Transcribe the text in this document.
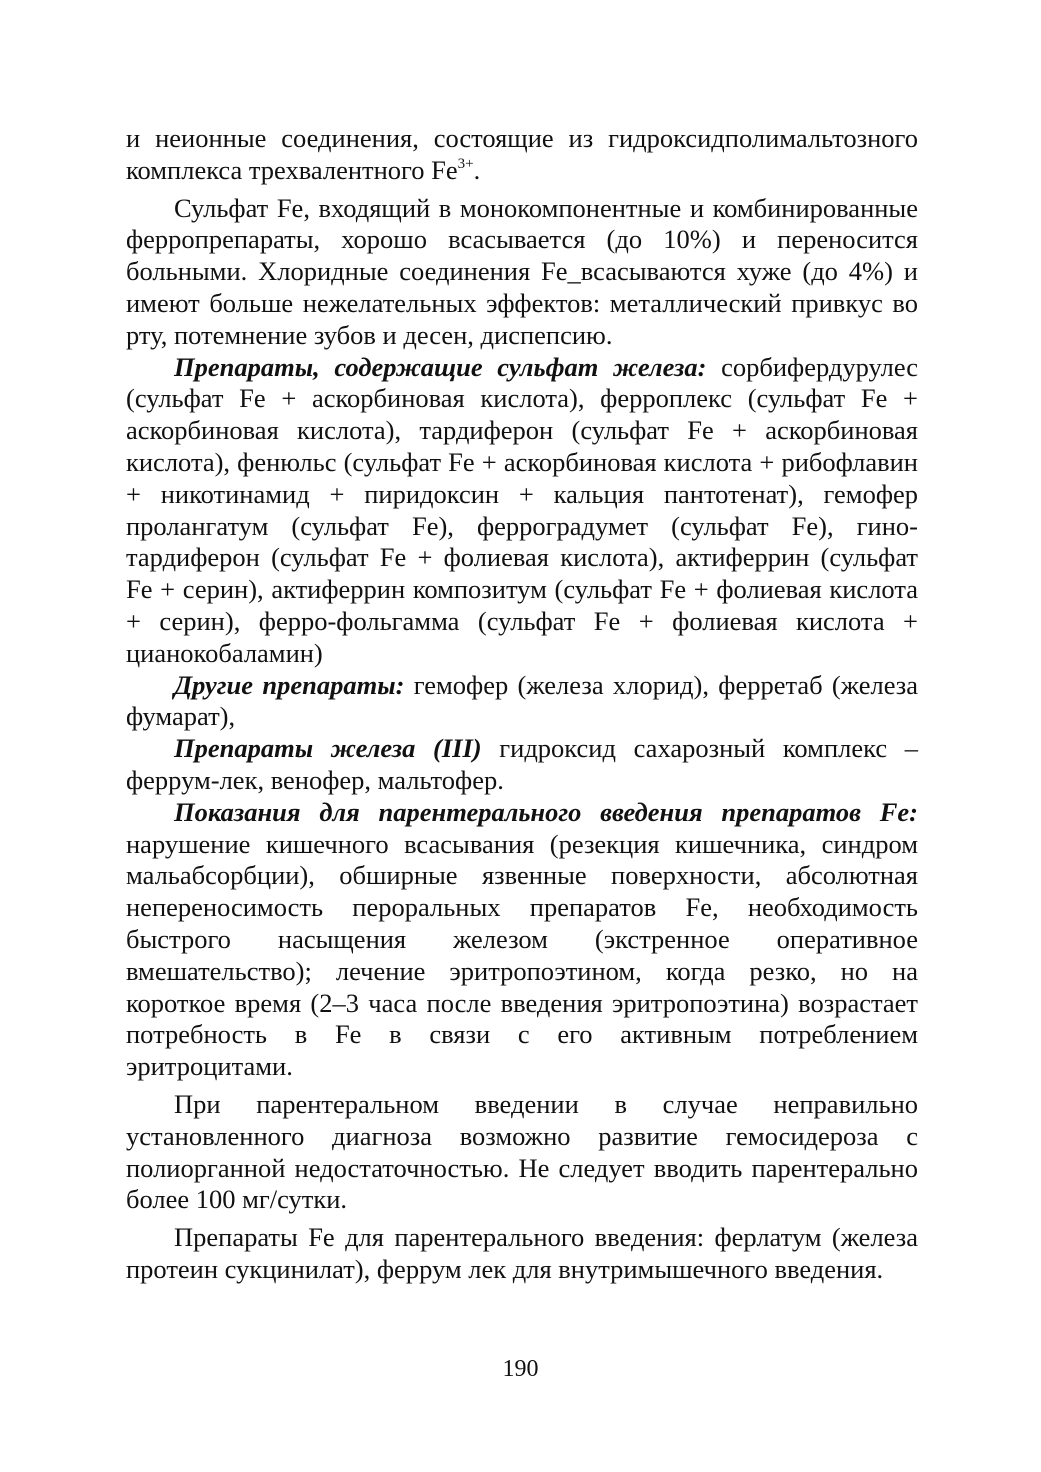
и неионные соединения, состоящие из гидроксидполимальтозного комплекса трехвалентного $Fe^{3+}$.

Сульфат Fe, входящий в монокомпонентные и комбинированные ферропрепараты, хорошо всасывается (до 10%) и переносится больными. Хлоридные соединения Fe_всасываются хуже (до 4%) и имеют больше нежелательных эффектов: металлический привкус во рту, потемнение зубов и десен, диспепсию.

Препараты, содержащие сульфат железа: сорбифердурулес (сульфат Fe + аскорбиновая кислота), ферроплекс (сульфат Fe + аскорбиновая кислота), тардиферон (сульфат Fe + аскорбиновая кислота), фенюльс (сульфат Fe + аскорбиновая кислота + рибофлавин + никотинамид + пиридоксин + кальция пантотенат), гемофер пролангатум (сульфат Fe), ферроградумет (сульфат Fe), гино-тардиферон (сульфат Fe + фолиевая кислота), актиферрин (сульфат Fe + серин), актиферрин композитум (сульфат Fe + фолиевая кислота + серин), ферро-фольгамма (сульфат Fe + фолиевая кислота + цианокобаламин)

Другие препараты: гемофер (железа хлорид), ферретаб (железа фумарат),

Препараты железа (III) гидроксид сахарозный комплекс – феррум-лек, венофер, мальтофер.

Показания для парентерального введения препаратов Fe: нарушение кишечного всасывания (резекция кишечника, синдром мальабсорбции), обширные язвенные поверхности, абсолютная непереносимость пероральных препаратов Fe, необходимость быстрого насыщения железом (экстренное оперативное вмешательство); лечение эритропоэтином, когда резко, но на короткое время (2–3 часа после введения эритропоэтина) возрастает потребность в Fe в связи с его активным потреблением эритроцитами.

При парентеральном введении в случае неправильно установленного диагноза возможно развитие гемосидероза с полиорганной недостаточностью. Не следует вводить парентерально более 100 мг/сутки.

Препараты Fe для парентерального введения: ферлатум (железа протеин сукцинилат), феррум лек для внутримышечного введения.

190
